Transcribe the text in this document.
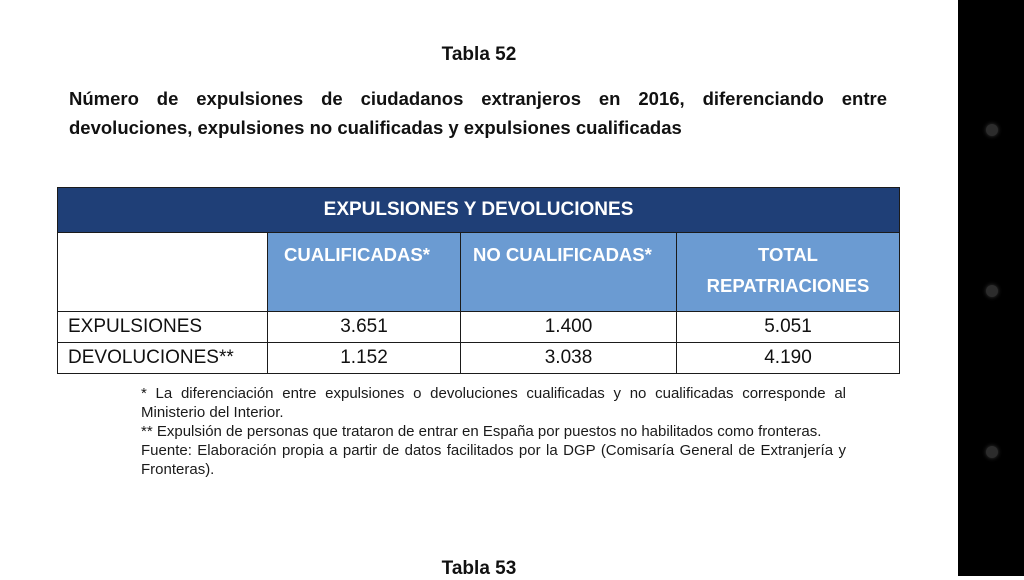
Tabla 52
Número de expulsiones de ciudadanos extranjeros en 2016, diferenciando entre devoluciones, expulsiones no cualificadas y expulsiones cualificadas
EXPULSIONES Y DEVOLUCIONES			
	CUALIFICADAS*	NO CUALIFICADAS*	TOTAL REPATRIACIONES
EXPULSIONES	3.651	1.400	5.051
DEVOLUCIONES**	1.152	3.038	4.190

* La diferenciación entre expulsiones o devoluciones cualificadas y no cualificadas corresponde al Ministerio del Interior.

** Expulsión de personas que trataron de entrar en España por puestos no habilitados como fronteras.

Fuente: Elaboración propia a partir de datos facilitados por la DGP (Comisaría General de Extranjería y Fronteras).

Tabla 53
